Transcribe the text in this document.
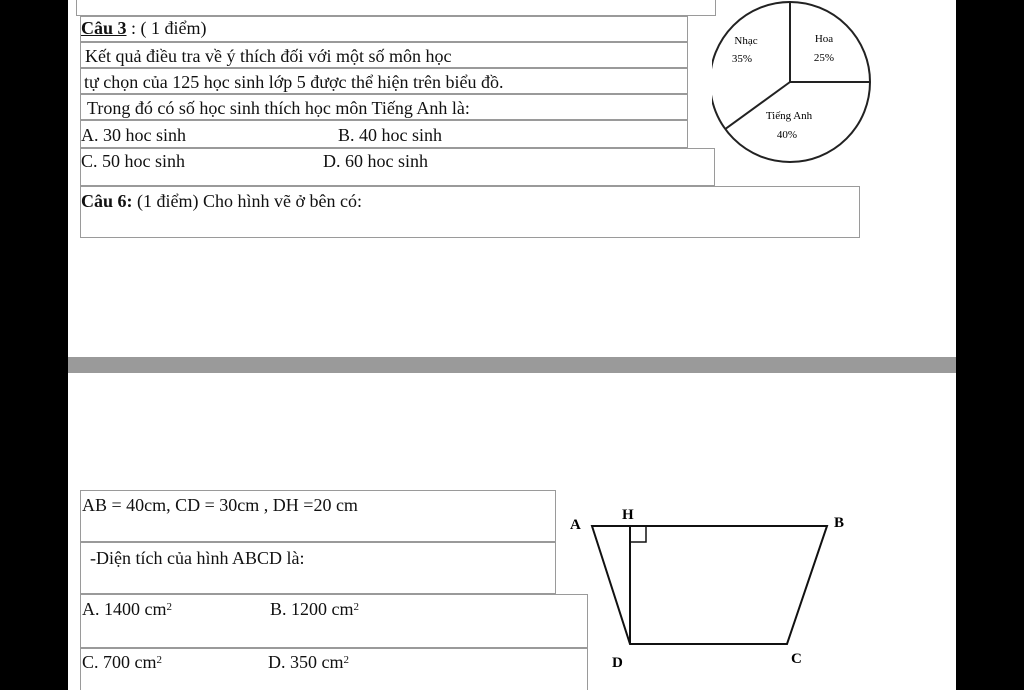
Câu 3 : ( 1 điểm)
Kết quả điều tra về ý thích đối với một số môn học
tự chọn của 125 học sinh lớp 5 được thể hiện trên biểu đồ.
Trong đó có số học sinh thích học môn Tiếng Anh là:
A. 30 hoc sinh	B. 40 hoc sinh
C. 50 hoc sinh	D. 60 hoc sinh
Câu 6: (1 điểm) Cho hình vẽ ở bên có:
Hoa
25%
Tiếng Anh
40%
Nhạc
35%
AB = 40cm, CD = 30cm , DH =20 cm
-Diện tích của hình ABCD là:
A. 1400 $cm^2$	B. 1200 $cm^2$
C. 700 $cm^2$	D. 350 $cm^2$
A
H	B
C
D
